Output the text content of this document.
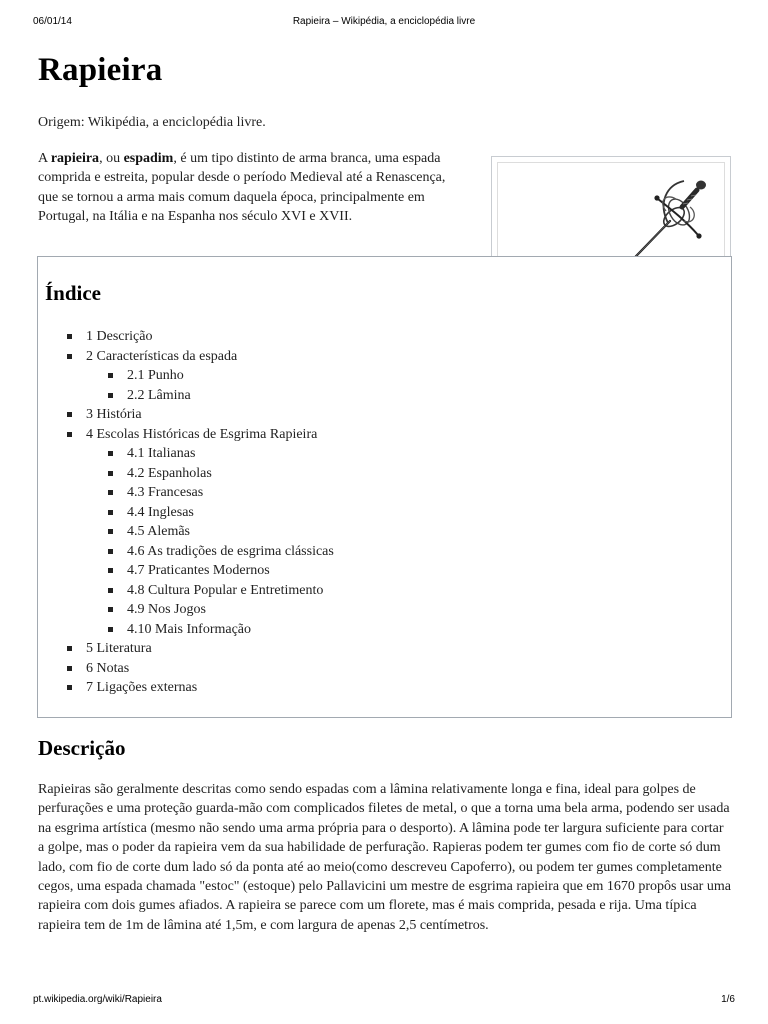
06/01/14	Rapieira – Wikipédia, a enciclopédia livre
Rapieira
Origem: Wikipédia, a enciclopédia livre.

A rapieira, ou espadim, é um tipo distinto de arma branca, uma espada comprida e estreita, popular desde o período Medieval até a Renascença, que se tornou a arma mais comum daquela época, principalmente em Portugal, na Itália e na Espanha nos século XVI e XVII.

Índice
1 Descrição
2 Características da espada
2.1 Punho
2.2 Lâmina
3 História
4 Escolas Históricas de Esgrima Rapieira
4.1 Italianas
4.2 Espanholas
4.3 Francesas
4.4 Inglesas
4.5 Alemãs
4.6 As tradições de esgrima clássicas
4.7 Praticantes Modernos
4.8 Cultura Popular e Entretimento
4.9 Nos Jogos
4.10 Mais Informação
5 Literatura
6 Notas
7 Ligações externas
Descrição

Rapieiras são geralmente descritas como sendo espadas com a lâmina relativamente longa e fina, ideal para golpes de perfurações e uma proteção guarda-mão com complicados filetes de metal, o que a torna uma bela arma, podendo ser usada na esgrima artística (mesmo não sendo uma arma própria para o desporto). A lâmina pode ter largura suficiente para cortar a golpe, mas o poder da rapieira vem da sua habilidade de perfuração. Rapieras podem ter gumes com fio de corte só dum lado, com fio de corte dum lado só da ponta até ao meio(como descreveu Capoferro), ou podem ter gumes completamente cegos, uma espada chamada "estoc" (estoque) pelo Pallavicini um mestre de esgrima rapieira que em 1670 propôs usar uma rapieira com dois gumes afiados. A rapieira se parece com um florete, mas é mais comprida, pesada e rija. Uma típica rapieira tem de 1m de lâmina até 1,5m, e com largura de apenas 2,5 centímetros.

pt.wikipedia.org/wiki/Rapieira	1/6
